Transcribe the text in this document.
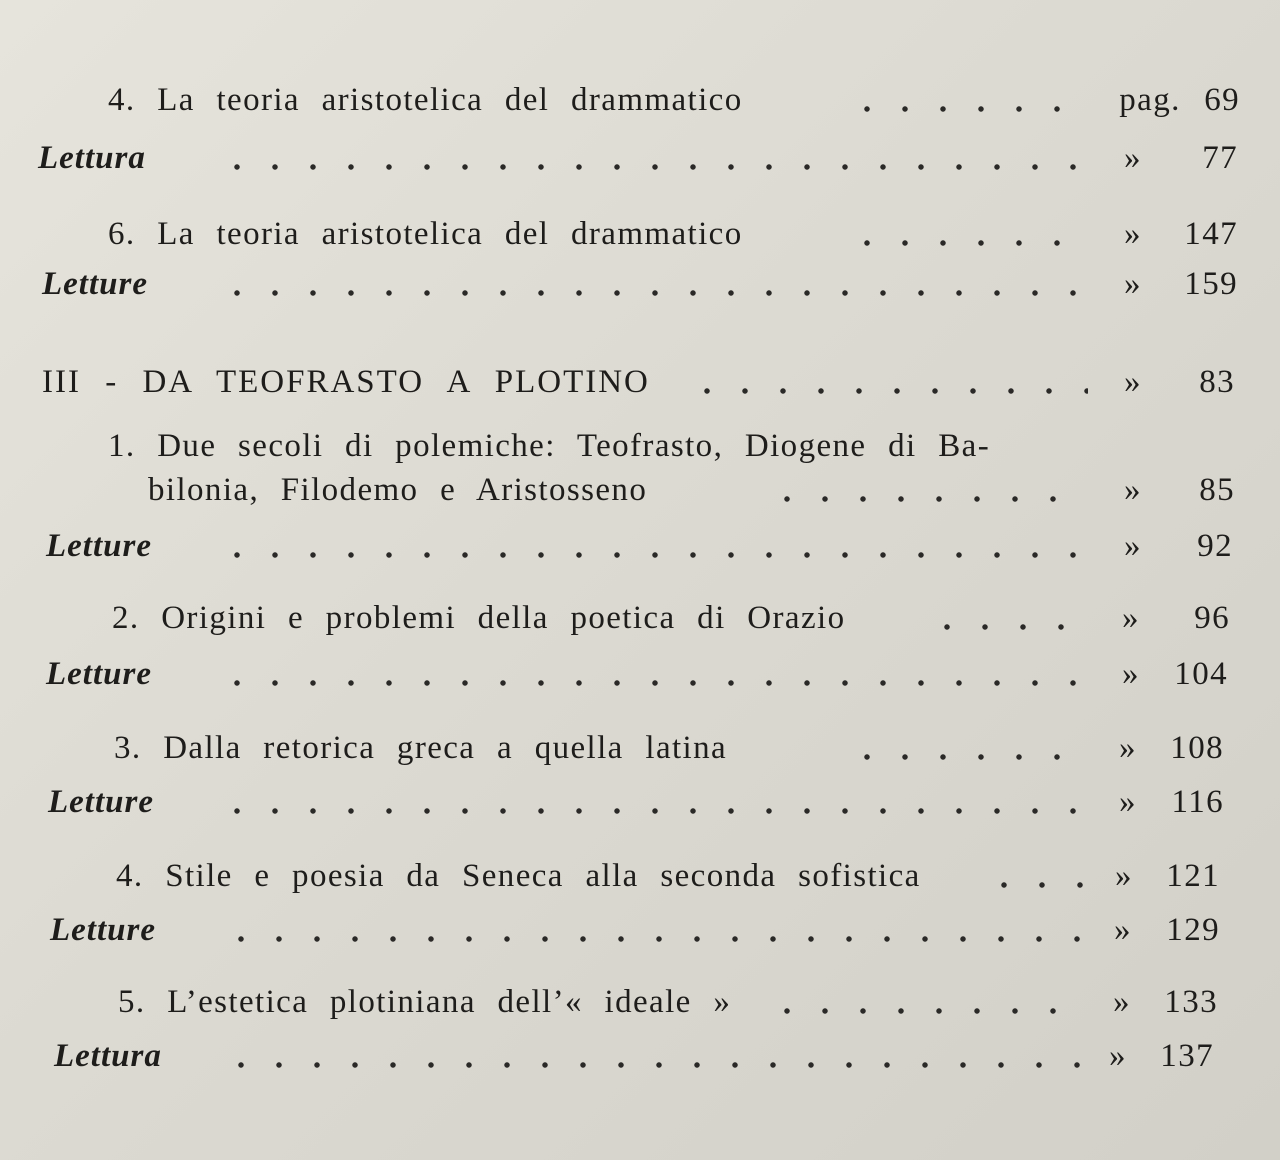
4. La teoria aristotelica del drammatico	pag. 69
Lettura	»	77
6. La teoria aristotelica del drammatico	»	147
Letture	»	159
III - DA TEOFRASTO A PLOTINO	»	83
1. Due secoli di polemiche: Teofrasto, Diogene di Ba-
bilonia, Filodemo e Aristosseno	»	85
Letture	»	92
2. Origini e problemi della poetica di Orazio	»	96
Letture	»	104
3. Dalla retorica greca a quella latina	»	108
Letture	»	116
4. Stile e poesia da Seneca alla seconda sofistica	»	121
Letture	»	129
5. L’estetica plotiniana dell’« ideale »	»	133
Lettura	»	137
